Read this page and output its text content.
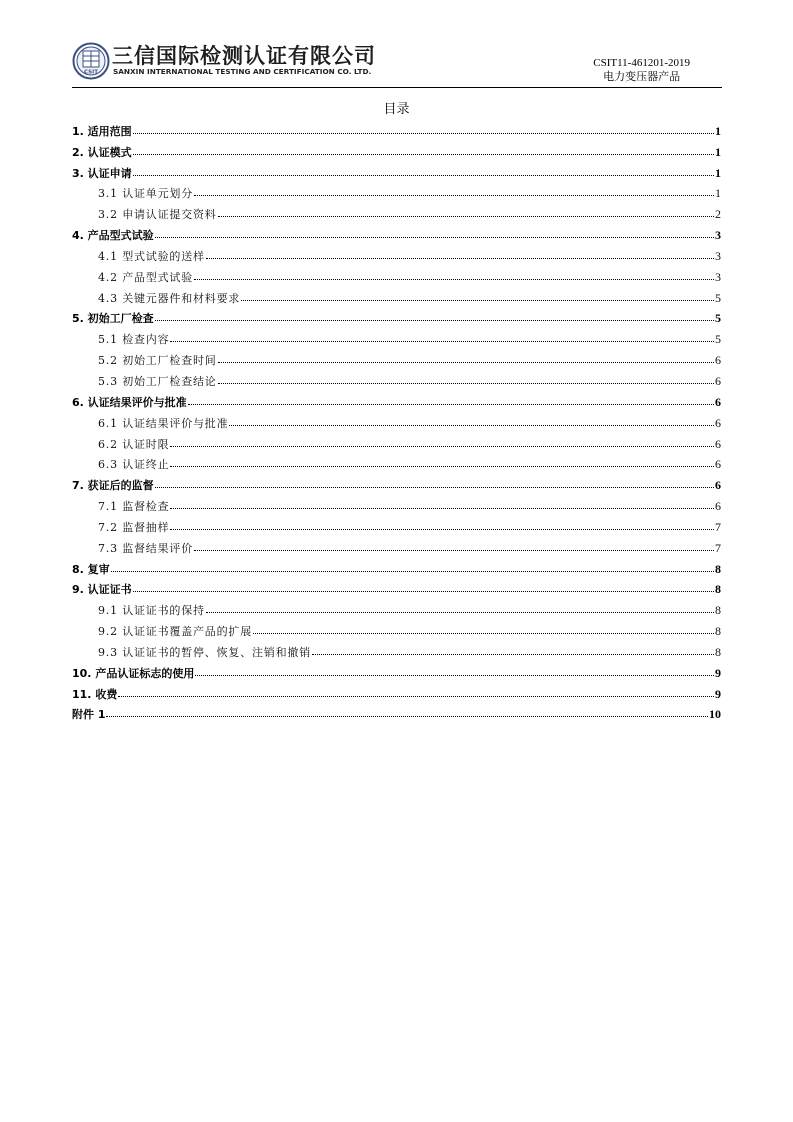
CSIT
三信国际检测认证有限公司
SANXIN INTERNATIONAL TESTING AND CERTIFICATION CO. LTD.
CSIT11-461201-2019
电力变压器产品
目录
1. 适用范围	1
2. 认证模式	1
3. 认证申请	1
3.1 认证单元划分	1
3.2 申请认证提交资料	2
4. 产品型式试验	3
4.1 型式试验的送样	3
4.2 产品型式试验	3
4.3 关键元器件和材料要求	5
5. 初始工厂检查	5
5.1 检查内容	5
5.2 初始工厂检查时间	6
5.3 初始工厂检查结论	6
6. 认证结果评价与批准	6
6.1 认证结果评价与批准	6
6.2 认证时限	6
6.3 认证终止	6
7. 获证后的监督	6
7.1 监督检查	6
7.2 监督抽样	7
7.3 监督结果评价	7
8. 复审	8
9. 认证证书	8
9.1 认证证书的保持	8
9.2 认证证书覆盖产品的扩展	8
9.3 认证证书的暂停、恢复、注销和撤销	8
10. 产品认证标志的使用	9
11. 收费	9
附件 1	10
